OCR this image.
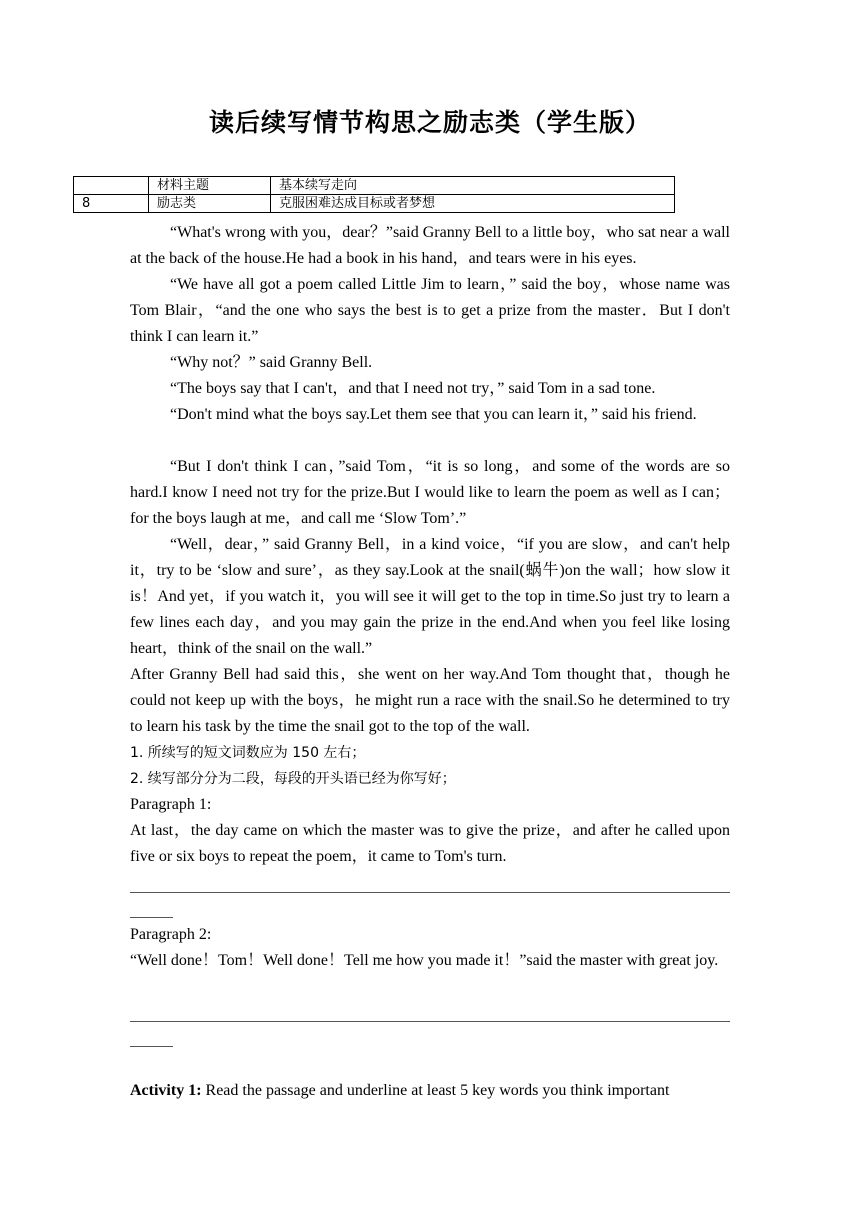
读后续写情节构思之励志类（学生版）
	材料主题	基本续写走向
8	励志类	克服困难达成目标或者梦想
“What's wrong with you，dear？”said Granny Bell to a little boy，who sat near a wall at the back of the house.He had a book in his hand，and tears were in his eyes.
“We have all got a poem called Little Jim to learn，” said the boy，whose name was Tom Blair，“and the one who says the best is to get a prize from the master．But I don't think I can learn it.”
“Why not？” said Granny Bell.
“The boys say that I can't，and that I need not try，” said Tom in a sad tone.
“Don't mind what the boys say.Let them see that you can learn it，” said his friend.
“But I don't think I can，”said Tom，“it is so long，and some of the words are so hard.I know I need not try for the prize.But I would like to learn the poem as well as I can；for the boys laugh at me，and call me ‘Slow Tom’.”
“Well，dear，” said Granny Bell，in a kind voice，“if you are slow，and can't help it，try to be ‘slow and sure’，as they say.Look at the snail(蜗牛)on the wall；how slow it is！And yet，if you watch it，you will see it will get to the top in time.So just try to learn a few lines each day，and you may gain the prize in the end.And when you feel like losing heart，think of the snail on the wall.”
After Granny Bell had said this，she went on her way.And Tom thought that，though he could not keep up with the boys，he might run a race with the snail.So he determined to try to learn his task by the time the snail got to the top of the wall.
1. 所续写的短文词数应为 150 左右；
2. 续写部分分为二段，每段的开头语已经为你写好；
Paragraph 1:
At last，the day came on which the master was to give the prize，and after he called upon five or six boys to repeat the poem，it came to Tom's turn.
Paragraph 2:
“Well done！Tom！Well done！Tell me how you made it！”said the master with great joy.
Activity 1: Read the passage and underline at least 5 key words you think important
